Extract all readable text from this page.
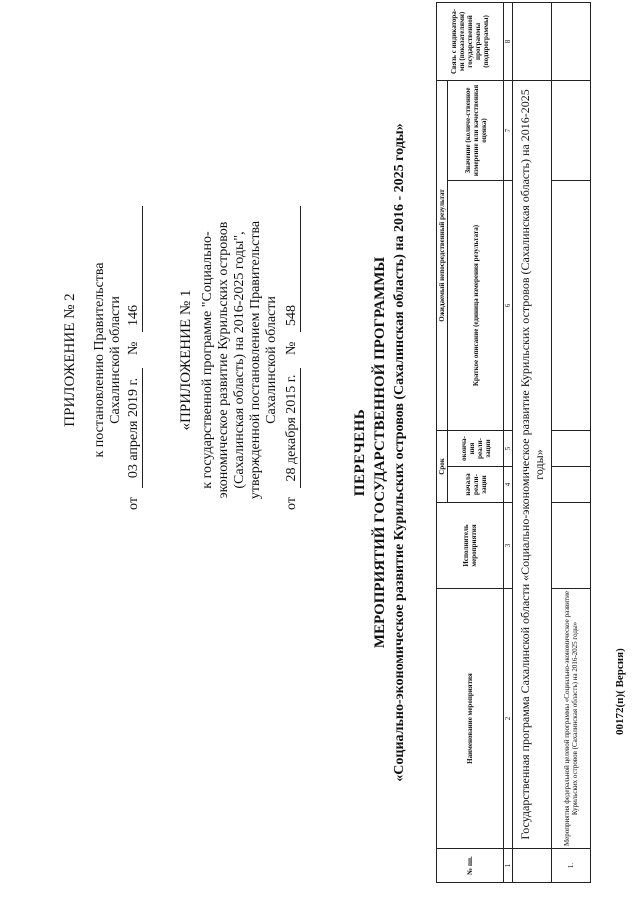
ПРИЛОЖЕНИЕ № 2 к постановлению Правительства Сахалинской области
от
03 апреля 2019 г.
№
146 «ПРИЛОЖЕНИЕ № 1 к государственной программе "Социально- экономическое развитие Курильских островов (Сахалинская область) на 2016-2025 годы", утвержденной постановлением Правительства Сахалинской области
от
28 декабря 2015 г.
№
548
ПЕРЕЧЕНЬ МЕРОПРИЯТИЙ ГОСУДАРСТВЕННОЙ ПРОГРАММЫ «Социально-экономическое развитие Курильских островов (Сахалинская область) на 2016 - 2025 годы»
№ пп.	Наименование мероприятия	Исполнитель мероприятия	Срок		Ожидаемый непосредственный результат		Связь с индикатора-ми (показателями) государственной программы (подпрограммы)
			начала реали-зации	оконча-ния реали-зации	Краткое описание (единица измерения результата)	Значение (количе-ственное измерение или качественная оценка)	
1	2	3	4	5	6	7	8
	Государственная программа Сахалинской области «Социально-экономическое развитие Курильских островов (Сахалинская область) на 2016-2025 годы»						
1.	Мероприятия федеральной целевой программы «Социально-экономическое развитие Курильских островов (Сахалинская область) на 2016-2025 годы»							00172(п)( Версия)
